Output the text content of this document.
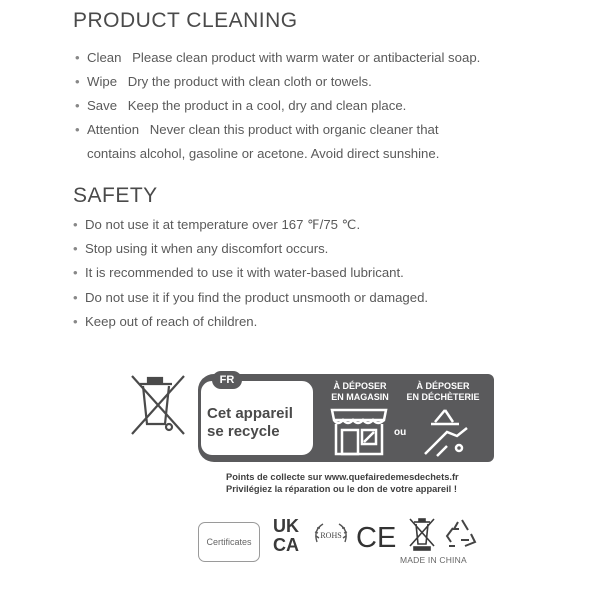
PRODUCT CLEANING
• Clean Please clean product with warm water or antibacterial soap.
• Wipe Dry the product with clean cloth or towels.
• Save Keep the product in a cool, dry and clean place.
• Attention Never clean this product with organic cleaner that
contains alcohol, gasoline or acetone. Avoid direct sunshine.
SAFETY
• Do not use it at temperature over 167 ℉/75 ℃.
• Stop using it when any discomfort occurs.
• It is recommended to use it with water-based lubricant.
• Do not use it if you find the product unsmooth or damaged.
• Keep out of reach of children.
FR
Cet appareil
se recycle
À DÉPOSER
EN MAGASIN
À DÉPOSER
EN DÉCHÈTERIE
ou
Points de collecte sur www.quefairedemesdechets.fr
Privilégiez la réparation ou le don de votre appareil !
Certificates
UK
CA	ROHS CE
MADE IN CHINA
